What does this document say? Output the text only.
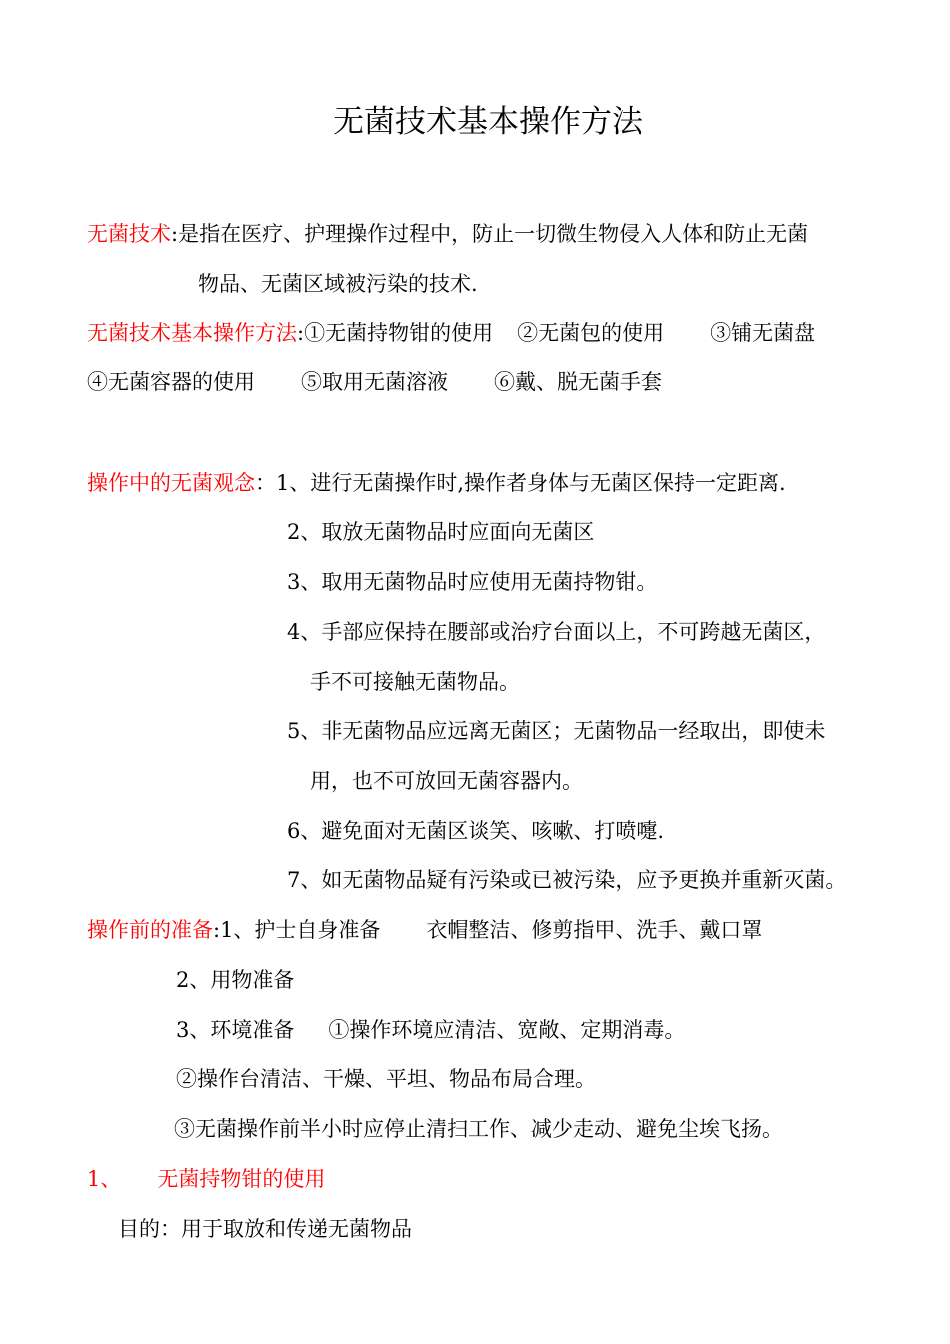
无菌技术基本操作方法
无菌技术:是指在医疗、护理操作过程中，防止一切微生物侵入人体和防止无菌
物品、无菌区域被污染的技术.
无菌技术基本操作方法:①无菌持物钳的使用 ②无菌包的使用 ③铺无菌盘
④无菌容器的使用 ⑤取用无菌溶液 ⑥戴、脱无菌手套
操作中的无菌观念：1、进行无菌操作时,操作者身体与无菌区保持一定距离.
2、取放无菌物品时应面向无菌区
3、取用无菌物品时应使用无菌持物钳。
4、手部应保持在腰部或治疗台面以上，不可跨越无菌区，
手不可接触无菌物品。
5、非无菌物品应远离无菌区；无菌物品一经取出，即使未
用，也不可放回无菌容器内。
6、避免面对无菌区谈笑、咳嗽、打喷嚏.
7、如无菌物品疑有污染或已被污染，应予更换并重新灭菌。
操作前的准备:1、护士自身准备 衣帽整洁、修剪指甲、洗手、戴口罩
2、用物准备
3、环境准备 ①操作环境应清洁、宽敞、定期消毒。
②操作台清洁、干燥、平坦、物品布局合理。
③无菌操作前半小时应停止清扫工作、减少走动、避免尘埃飞扬。
1、 无菌持物钳的使用
目的：用于取放和传递无菌物品
